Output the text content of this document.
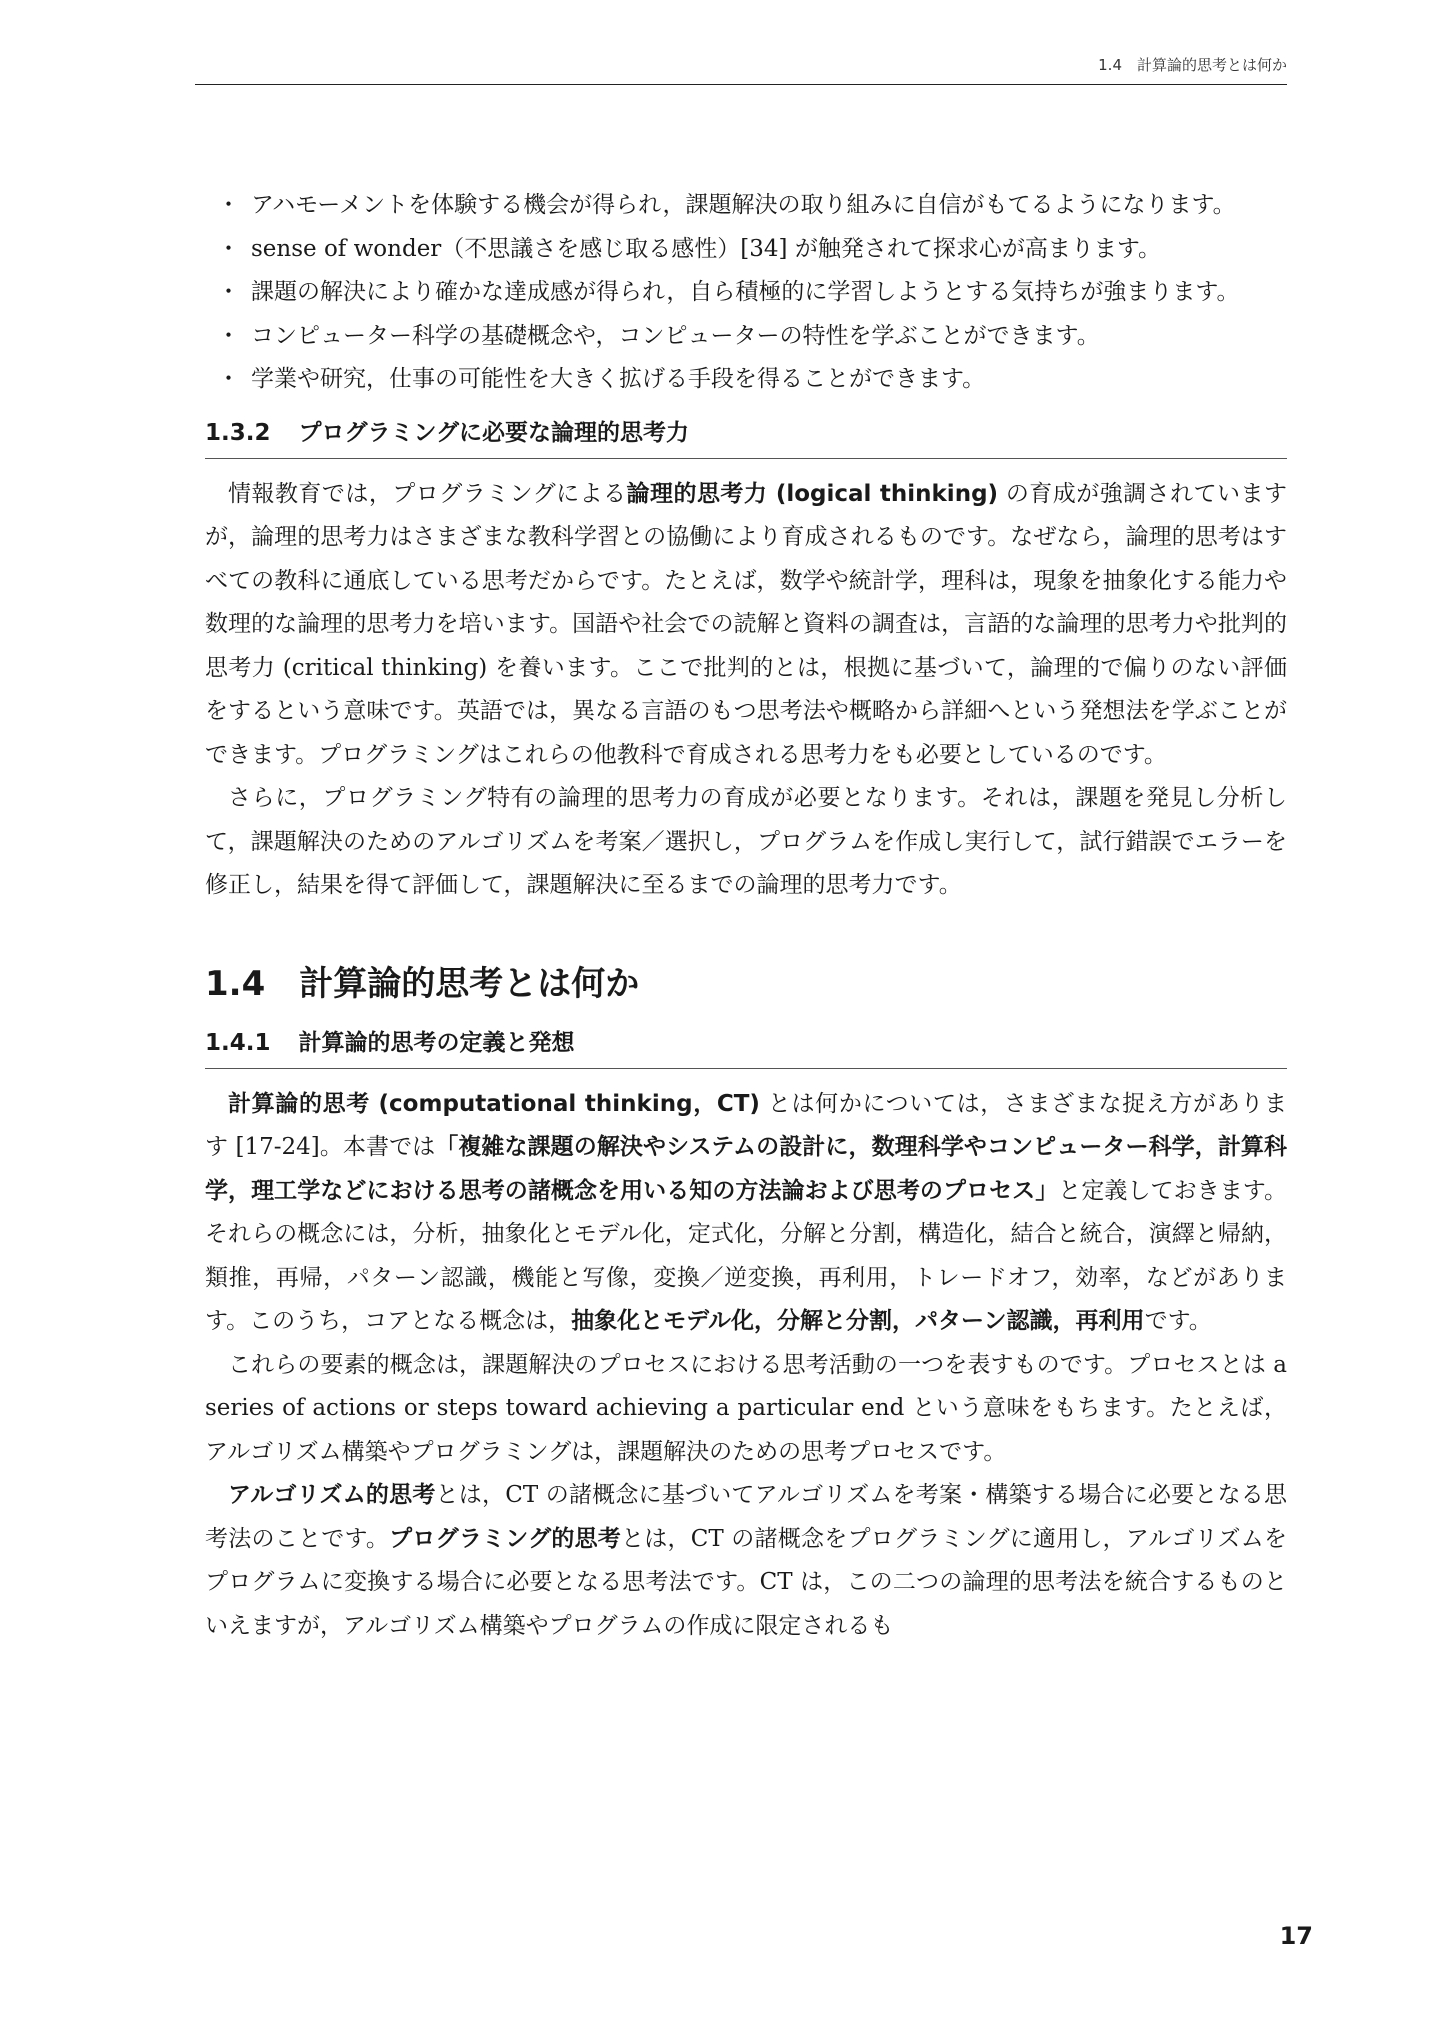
1.4　計算論的思考とは何か
・ アハモーメントを体験する機会が得られ，課題解決の取り組みに自信がもてるようになります。
・ sense of wonder（不思議さを感じ取る感性）[34] が触発されて探求心が高まります。
・ 課題の解決により確かな達成感が得られ，自ら積極的に学習しようとする気持ちが強まります。
・ コンピューター科学の基礎概念や，コンピューターの特性を学ぶことができます。
・ 学業や研究，仕事の可能性を大きく拡げる手段を得ることができます。
1.3.2 プログラミングに必要な論理的思考力

情報教育では，プログラミングによる論理的思考力 (logical thinking) の育成が強調されていますが，論理的思考力はさまざまな教科学習との協働により育成されるものです。なぜなら，論理的思考はすべての教科に通底している思考だからです。たとえば，数学や統計学，理科は，現象を抽象化する能力や数理的な論理的思考力を培います。国語や社会での読解と資料の調査は，言語的な論理的思考力や批判的思考力 (critical thinking) を養います。ここで批判的とは，根拠に基づいて，論理的で偏りのない評価をするという意味です。英語では，異なる言語のもつ思考法や概略から詳細へという発想法を学ぶことができます。プログラミングはこれらの他教科で育成される思考力をも必要としているのです。

さらに，プログラミング特有の論理的思考力の育成が必要となります。それは，課題を発見し分析して，課題解決のためのアルゴリズムを考案／選択し，プログラムを作成し実行して，試行錯誤でエラーを修正し，結果を得て評価して，課題解決に至るまでの論理的思考力です。

1.4 計算論的思考とは何か
1.4.1 計算論的思考の定義と発想

計算論的思考 (computational thinking，CT) とは何かについては，さまざまな捉え方があります [17-24]。本書では「複雑な課題の解決やシステムの設計に，数理科学やコンピューター科学，計算科学，理工学などにおける思考の諸概念を用いる知の方法論および思考のプロセス」と定義しておきます。それらの概念には，分析，抽象化とモデル化，定式化，分解と分割，構造化，結合と統合，演繹と帰納，類推，再帰，パターン認識，機能と写像，変換／逆変換，再利用，トレードオフ，効率，などがあります。このうち，コアとなる概念は，抽象化とモデル化，分解と分割，パターン認識，再利用です。

これらの要素的概念は，課題解決のプロセスにおける思考活動の一つを表すものです。プロセスとは a series of actions or steps toward achieving a particular end という意味をもちます。たとえば，アルゴリズム構築やプログラミングは，課題解決のための思考プロセスです。

アルゴリズム的思考とは，CT の諸概念に基づいてアルゴリズムを考案・構築する場合に必要となる思考法のことです。プログラミング的思考とは，CT の諸概念をプログラミングに適用し，アルゴリズムをプログラムに変換する場合に必要となる思考法です。CT は，この二つの論理的思考法を統合するものといえますが，アルゴリズム構築やプログラムの作成に限定されるも

17
